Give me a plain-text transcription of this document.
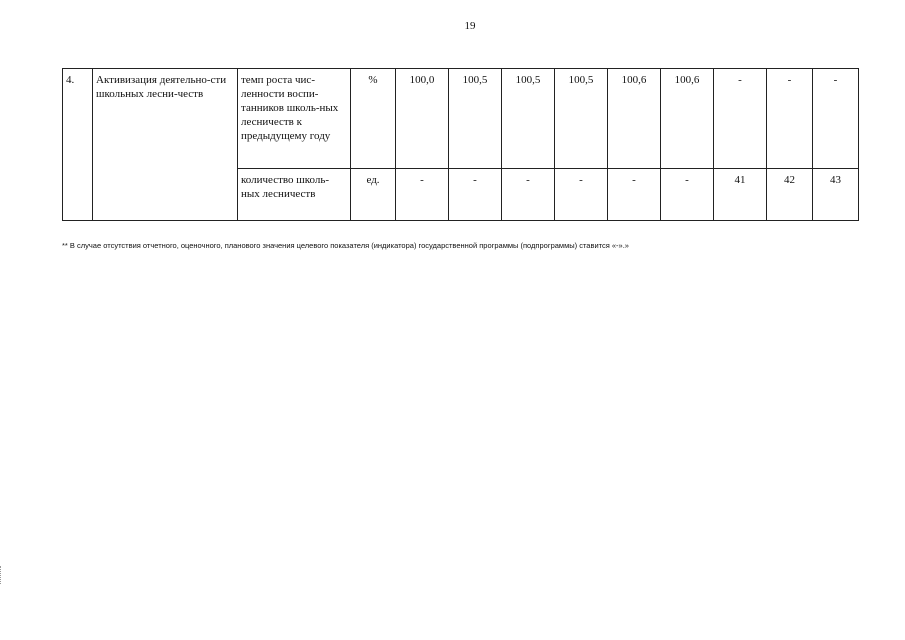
19
4.	Активизация деятельно-сти школьных лесни-честв	темп роста чис-ленности воспи-танников школь-ных лесничеств к предыдущему году	%	100,0	100,5	100,5	100,5	100,6	100,6	-	-	-
		количество школь-ных лесничеств	ед.	-	-	-	-	-	-	41	42	43
** В случае отсутствия отчетного, оценочного, планового значения целевого показателя (индикатора) государственной программы (подпрограммы) ставится «-».»
